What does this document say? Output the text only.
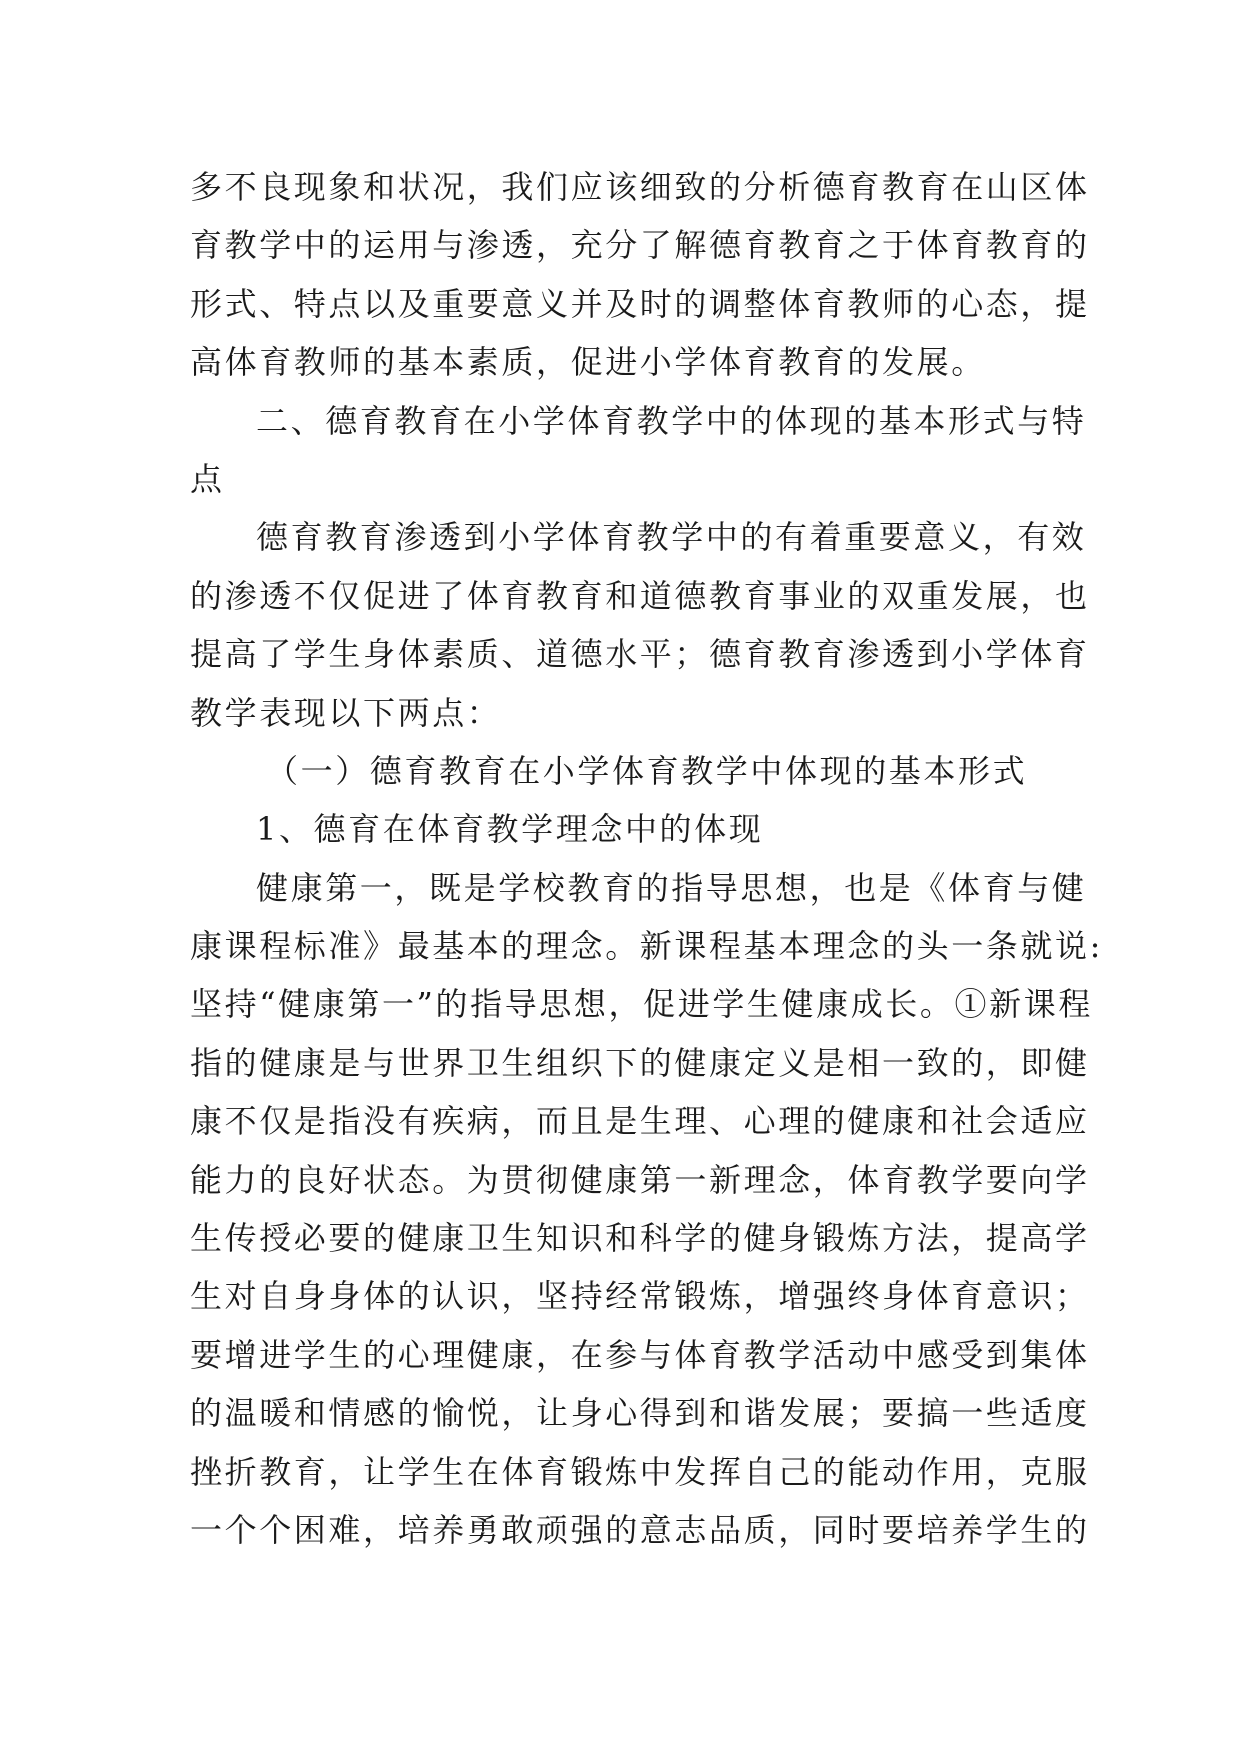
多不良现象和状况，我们应该细致的分析德育教育在山区体
育教学中的运用与渗透，充分了解德育教育之于体育教育的
形式、特点以及重要意义并及时的调整体育教师的心态，提
高体育教师的基本素质，促进小学体育教育的发展。
二、德育教育在小学体育教学中的体现的基本形式与特
点
德育教育渗透到小学体育教学中的有着重要意义，有效
的渗透不仅促进了体育教育和道德教育事业的双重发展，也
提高了学生身体素质、道德水平；德育教育渗透到小学体育
教学表现以下两点：
（一）德育教育在小学体育教学中体现的基本形式
1、德育在体育教学理念中的体现
健康第一，既是学校教育的指导思想，也是《体育与健
康课程标准》最基本的理念。新课程基本理念的头一条就说:
坚持“健康第一”的指导思想，促进学生健康成长。①新课程
指的健康是与世界卫生组织下的健康定义是相一致的，即健
康不仅是指没有疾病，而且是生理、心理的健康和社会适应
能力的良好状态。为贯彻健康第一新理念，体育教学要向学
生传授必要的健康卫生知识和科学的健身锻炼方法，提高学
生对自身身体的认识，坚持经常锻炼，增强终身体育意识；
要增进学生的心理健康，在参与体育教学活动中感受到集体
的温暖和情感的愉悦，让身心得到和谐发展；要搞一些适度
挫折教育，让学生在体育锻炼中发挥自己的能动作用，克服
一个个困难，培养勇敢顽强的意志品质，同时要培养学生的
